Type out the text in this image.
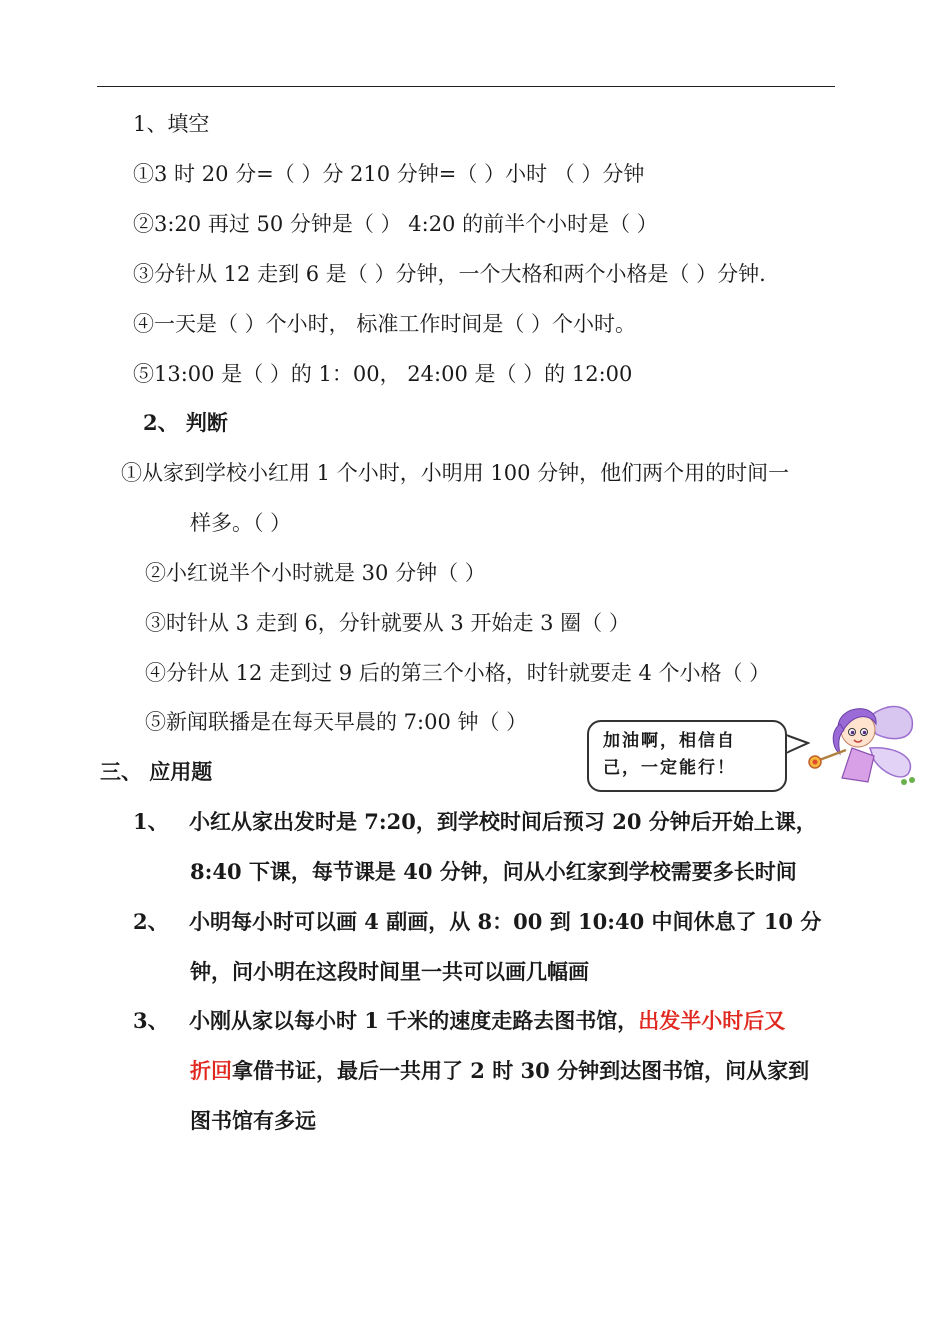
1、填空
①3 时 20 分=（ ）分 210 分钟=（ ）小时 （ ）分钟
②3:20 再过 50 分钟是（ ） 4:20 的前半个小时是（ ）
③分针从 12 走到 6 是（ ）分钟，一个大格和两个小格是（ ）分钟.
④一天是（ ）个小时， 标准工作时间是（ ）个小时。
⑤13:00 是（ ）的 1：00， 24:00 是（ ）的 12:00
2、 判断
①从家到学校小红用 1 个小时，小明用 100 分钟，他们两个用的时间一
样多。（ ）
②小红说半个小时就是 30 分钟（ ）
③时针从 3 走到 6，分针就要从 3 开始走 3 圈（ ）
④分针从 12 走到过 9 后的第三个小格，时针就要走 4 个小格（ ）
⑤新闻联播是在每天早晨的 7:00 钟（ ）
加油啊，相信自
己，一定能行！
三、 应用题
1、 小红从家出发时是 7:20，到学校时间后预习 20 分钟后开始上课，
8:40 下课，每节课是 40 分钟，问从小红家到学校需要多长时间
2、 小明每小时可以画 4 副画，从 8：00 到 10:40 中间休息了 10 分
钟，问小明在这段时间里一共可以画几幅画
3、 小刚从家以每小时 1 千米的速度走路去图书馆，出发半小时后又
折回拿借书证，最后一共用了 2 时 30 分钟到达图书馆，问从家到
图书馆有多远
